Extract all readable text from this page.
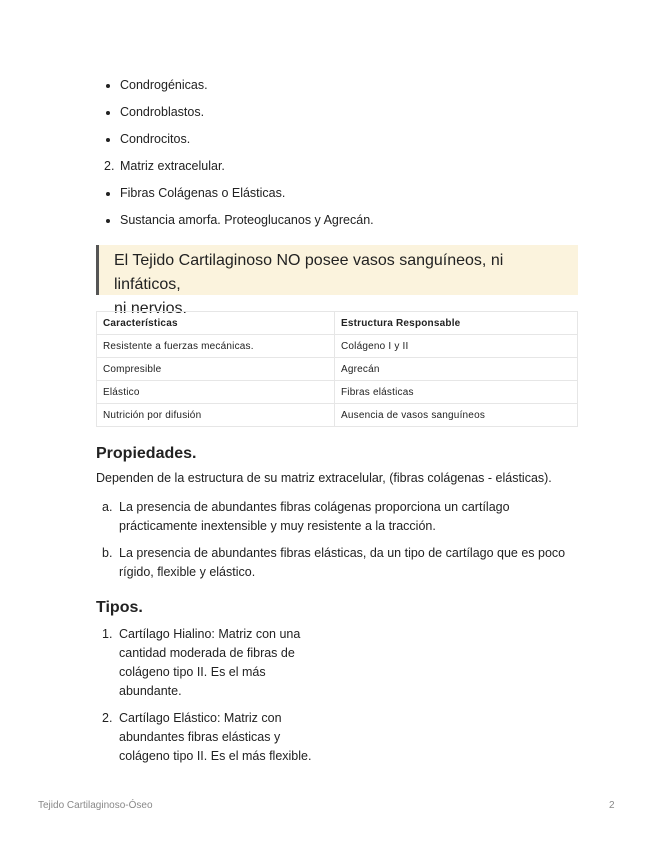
Condrogénicas.
Condroblastos.
Condrocitos.
2. Matriz extracelular.
Fibras Colágenas o Elásticas.
Sustancia amorfa. Proteoglucanos y Agrecán.
El Tejido Cartilaginoso NO posee vasos sanguíneos, ni linfáticos,
ni nervios.
Características	Estructura Responsable
Resistente a fuerzas mecánicas.	Colágeno I y II
Compresible	Agrecán
Elástico	Fibras elásticas
Nutrición por difusión	Ausencia de vasos sanguíneos
Propiedades.

Dependen de la estructura de su matriz extracelular, (fibras colágenas - elásticas).

a. La presencia de abundantes fibras colágenas proporciona un cartílago
prácticamente inextensible y muy resistente a la tracción.
b. La presencia de abundantes fibras elásticas, da un tipo de cartílago que es poco
rígido, flexible y elástico.
Tipos.
1. Cartílago Hialino: Matriz con una
cantidad moderada de fibras de
colágeno tipo II. Es el más
abundante.
2. Cartílago Elástico: Matriz con
abundantes fibras elásticas y
colágeno tipo II. Es el más flexible.
Tejido Cartilaginoso-Óseo	2
